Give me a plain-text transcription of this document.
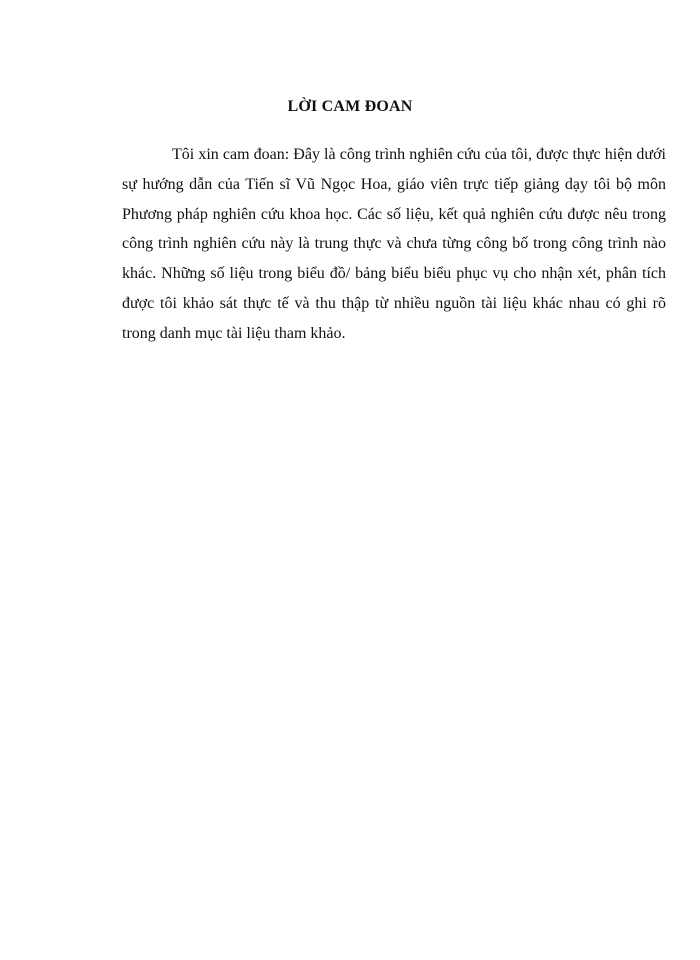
LỜI CAM ĐOAN
Tôi xin cam đoan: Đây là công trình nghiên cứu của tôi, được thực hiện dưới
sự hướng dẫn của Tiến sĩ Vũ Ngọc Hoa, giáo viên trực tiếp giảng dạy tôi bộ môn
Phương pháp nghiên cứu khoa học. Các số liệu, kết quả nghiên cứu được nêu trong
công trình nghiên cứu này là trung thực và chưa từng công bố trong công trình nào
khác. Những số liệu trong biểu đồ/ bảng biểu biểu phục vụ cho nhận xét, phân tích
được tôi khảo sát thực tế và thu thập từ nhiều nguồn tài liệu khác nhau có ghi rõ
trong danh mục tài liệu tham khảo.
